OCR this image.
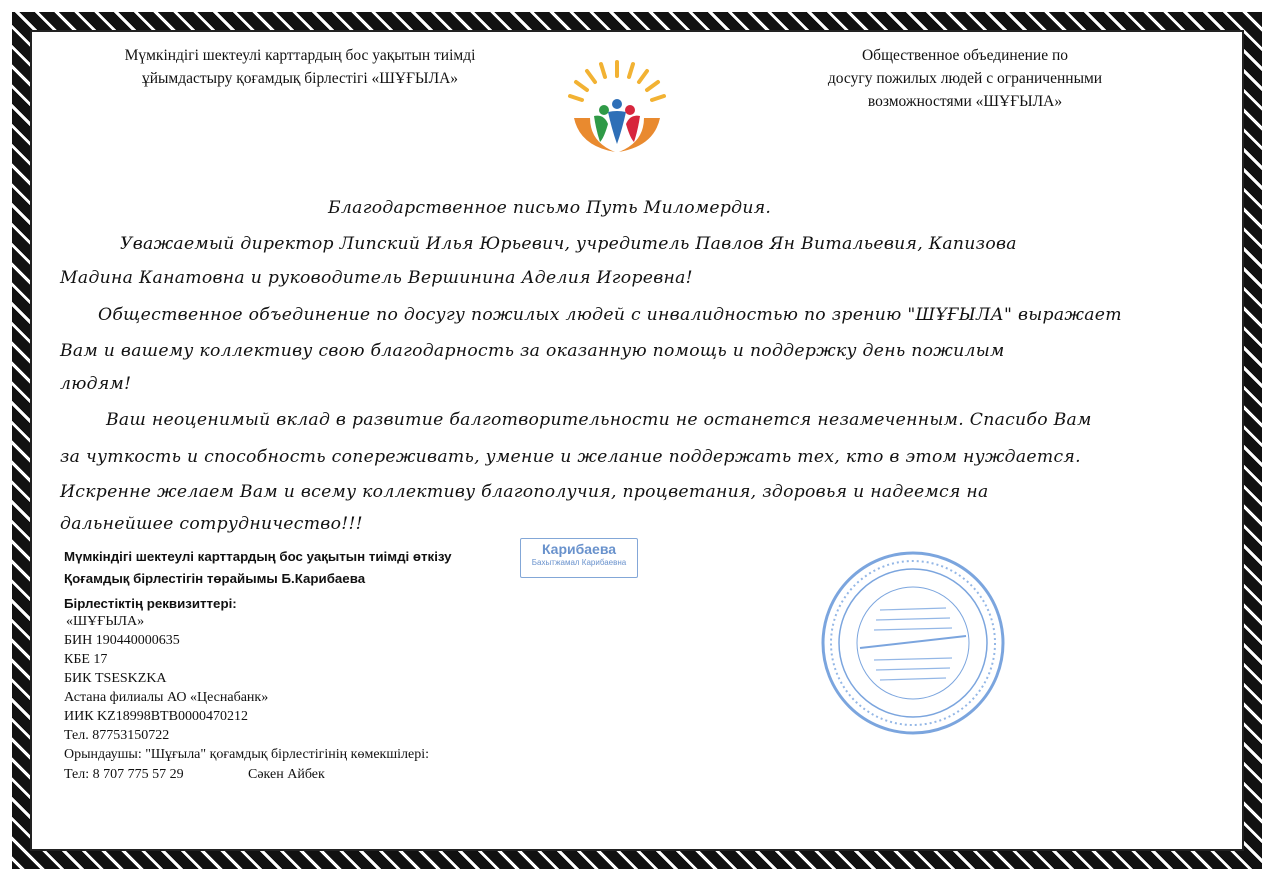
Мүмкіндігі шектеулі карттардың бос уақытын тиімді
ұйымдастыру қоғамдық бірлестігі «ШҰҒЫЛА»
Общественное объединение по
досугу пожилых людей с ограниченными
возможностями «ШҰҒЫЛА»
Благодарственное письмо Путь Миломердия.
Уважаемый директор Липский Илья Юрьевич, учредитель Павлов Ян Витальевия, Капизова
Мадина Канатовна и руководитель Вершинина Аделия Игоревна!
Общественное объединение по досугу пожилых людей с инвалидностью по зрению "ШҰҒЫЛА" выражает
Вам и вашему коллективу свою благодарность за оказанную помощь и поддержку день пожилым
людям!
Ваш неоценимый вклад в развитие балготворительности не останется незамеченным. Спасибо Вам
за чуткость и способность сопереживать, умение и желание поддержать тех, кто в этом нуждается.
Искренне желаем Вам и всему коллективу благополучия, процветания, здоровья и надеемся на
дальнейшее сотрудничество!!!
Мүмкіндігі шектеулі карттардың бос уақытын тиімді өткізу
Қоғамдық бірлестігін төрайымы Б.Карибаева
Бірлестіктің реквизиттері:
«ШҰҒЫЛА»
БИН 190440000635
КБЕ 17
БИК TSESKZKA
Астана филиалы АО «Цеснабанк»
ИИК KZ18998BTB0000470212
Тел. 87753150722
Орындаушы: "Шұғыла" қоғамдық бірлестігінің көмекшілері:
Тел: 8 707 775 57 29	Сәкен Айбек
Карибаева
Бахытжамал Карибаевна
